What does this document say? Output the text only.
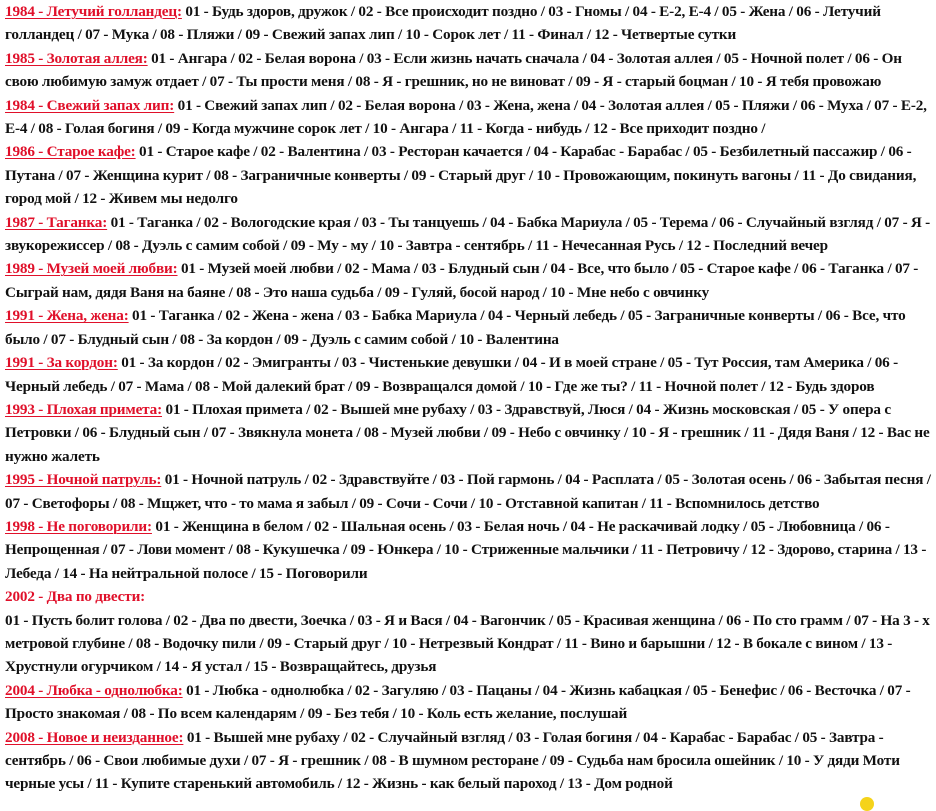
1984 - Летучий голландец: 01 - Будь здоров, дружок / 02 - Все происходит поздно / 03 - Гномы / 04 - Е-2, Е-4 / 05 - Жена / 06 - Летучий голландец / 07 - Мука / 08 - Пляжи / 09 - Свежий запах лип / 10 - Сорок лет / 11 - Финал / 12 - Четвертые сутки

1985 - Золотая аллея: 01 - Ангара / 02 - Белая ворона / 03 - Если жизнь начать сначала / 04 - Золотая аллея / 05 - Ночной полет / 06 - Он свою любимую замуж отдает / 07 - Ты прости меня / 08 - Я - грешник, но не виноват / 09 - Я - старый боцман / 10 - Я тебя провожаю

1984 - Свежий запах лип: 01 - Свежий запах лип / 02 - Белая ворона / 03 - Жена, жена / 04 - Золотая аллея / 05 - Пляжи / 06 - Муха / 07 - Е-2, Е-4 / 08 - Голая богиня / 09 - Когда мужчине сорок лет / 10 - Ангара / 11 - Когда - нибудь / 12 - Все приходит поздно /

1986 - Старое кафе: 01 - Старое кафе / 02 - Валентина / 03 - Ресторан качается / 04 - Карабас - Барабас / 05 - Безбилетный пассажир / 06 - Путана / 07 - Женщина курит / 08 - Заграничные конверты / 09 - Старый друг / 10 - Провожающим, покинуть вагоны / 11 - До свидания, город мой / 12 - Живем мы недолго

1987 - Таганка: 01 - Таганка / 02 - Вологодские края / 03 - Ты танцуешь / 04 - Бабка Мариула / 05 - Терема / 06 - Случайный взгляд / 07 - Я - звукорежиссер / 08 - Дуэль с самим собой / 09 - Му - му / 10 - Завтра - сентябрь / 11 - Нечесанная Русь / 12 - Последний вечер

1989 - Музей моей любви: 01 - Музей моей любви / 02 - Мама / 03 - Блудный сын / 04 - Все, что было / 05 - Старое кафе / 06 - Таганка / 07 - Сыграй нам, дядя Ваня на баяне / 08 - Это наша судьба / 09 - Гуляй, босой народ / 10 - Мне небо с овчинку

1991 - Жена, жена: 01 - Таганка / 02 - Жена - жена / 03 - Бабка Мариула / 04 - Черный лебедь / 05 - Заграничные конверты / 06 - Все, что было / 07 - Блудный сын / 08 - За кордон / 09 - Дуэль с самим собой / 10 - Валентина

1991 - За кордон: 01 - За кордон / 02 - Эмигранты / 03 - Чистенькие девушки / 04 - И в моей стране / 05 - Тут Россия, там Америка / 06 - Черный лебедь / 07 - Мама / 08 - Мой далекий брат / 09 - Возвращался домой / 10 - Где же ты? / 11 - Ночной полет / 12 - Будь здоров

1993 - Плохая примета: 01 - Плохая примета / 02 - Вышей мне рубаху / 03 - Здравствуй, Люся / 04 - Жизнь московская / 05 - У опера с Петровки / 06 - Блудный сын / 07 - Звякнула монета / 08 - Музей любви / 09 - Небо с овчинку / 10 - Я - грешник / 11 - Дядя Ваня / 12 - Вас не нужно жалеть

1995 - Ночной патруль: 01 - Ночной патруль / 02 - Здравствуйте / 03 - Пой гармонь / 04 - Расплата / 05 - Золотая осень / 06 - Забытая песня / 07 - Светофоры / 08 - Мщжет, что - то мама я забыл / 09 - Сочи - Сочи / 10 - Отставной капитан / 11 - Вспомнилось детство

1998 - Не поговорили: 01 - Женщина в белом / 02 - Шальная осень / 03 - Белая ночь / 04 - Не раскачивай лодку / 05 - Любовница / 06 - Непрощенная / 07 - Лови момент / 08 - Кукушечка / 09 - Юнкера / 10 - Стриженные мальчики / 11 - Петровичу / 12 - Здорово, старина / 13 - Лебеда / 14 - На нейтральной полосе / 15 - Поговорили

2002 - Два по двести:
01 - Пусть болит голова / 02 - Два по двести, Зоечка / 03 - Я и Вася / 04 - Вагончик / 05 - Красивая женщина / 06 - По сто грамм / 07 - На 3 - х метровой глубине / 08 - Водочку пили / 09 - Старый друг / 10 - Нетрезвый Кондрат / 11 - Вино и барышни / 12 - В бокале с вином / 13 - Хрустнули огурчиком / 14 - Я устал / 15 - Возвращайтесь, друзья

2004 - Любка - однолюбка: 01 - Любка - однолюбка / 02 - Загуляю / 03 - Пацаны / 04 - Жизнь кабацкая / 05 - Бенефис / 06 - Весточка / 07 - Просто знакомая / 08 - По всем календарям / 09 - Без тебя / 10 - Коль есть желание, послушай

2008 - Новое и неизданное: 01 - Вышей мне рубаху / 02 - Случайный взгляд / 03 - Голая богиня / 04 - Карабас - Барабас / 05 - Завтра - сентябрь / 06 - Свои любимые духи / 07 - Я - грешник / 08 - В шумном ресторане / 09 - Судьба нам бросила ошейник / 10 - У дяди Моти черные усы / 11 - Купите старенький автомобиль / 12 - Жизнь - как белый пароход / 13 - Дом родной
